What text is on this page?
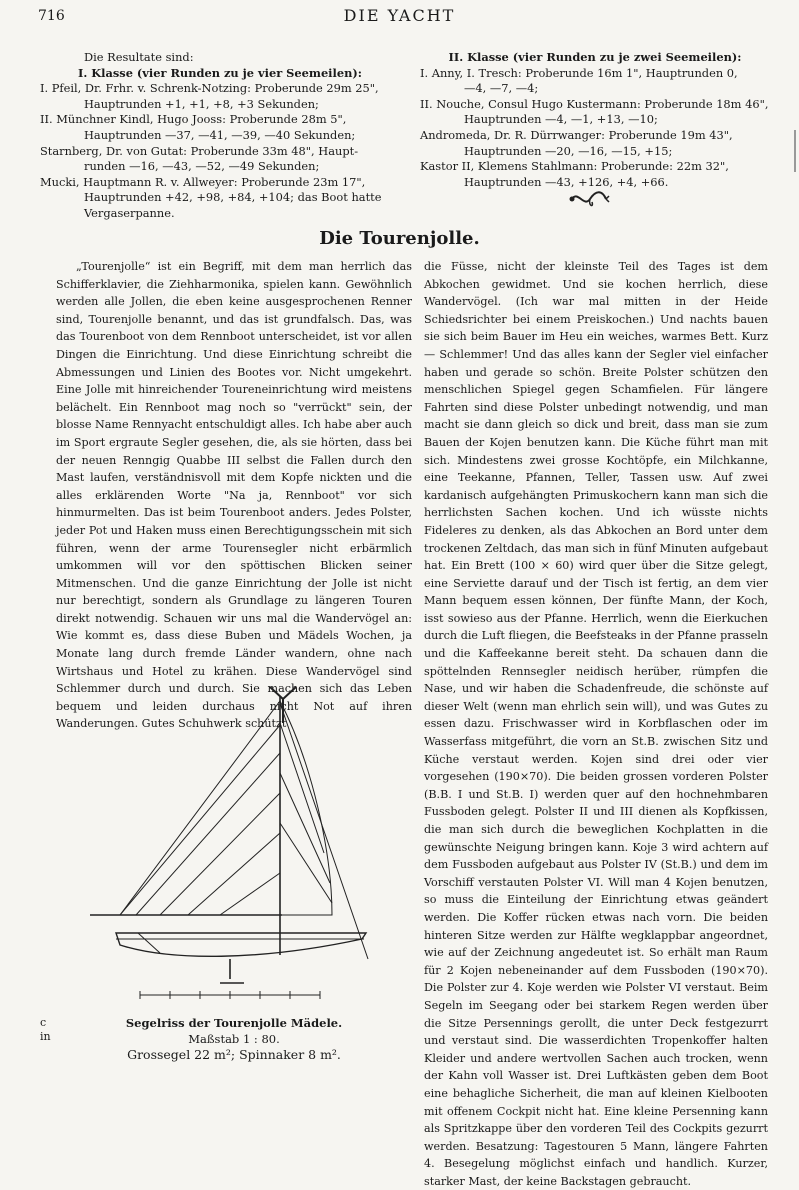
716	DIE YACHT
Die Resultate sind:
I. Klasse (vier Runden zu je vier Seemeilen):
I. Pfeil, Dr. Frhr. v. Schrenk-Notzing: Proberunde 29m 25",
Hauptrunden +1, +1, +8, +3 Sekunden;
II. Münchner Kindl, Hugo Jooss: Proberunde 28m 5",
Hauptrunden —37, —41, —39, —40 Sekunden;
Starnberg, Dr. von Gutat: Proberunde 33m 48", Haupt-
runden —16, —43, —52, —49 Sekunden;
Mucki, Hauptmann R. v. Allweyer: Proberunde 23m 17",
Hauptrunden +42, +98, +84, +104; das Boot hatte
Vergaserpanne.
II. Klasse (vier Runden zu je zwei Seemeilen):
I. Anny, I. Tresch: Proberunde 16m 1", Hauptrunden 0,
—4, —7, —4;
II. Nouche, Consul Hugo Kustermann: Proberunde 18m 46",
Hauptrunden —4, —1, +13, —10;
Andromeda, Dr. R. Dürrwanger: Proberunde 19m 43",
Hauptrunden —20, —16, —15, +15;
Kastor II, Klemens Stahlmann: Proberunde: 22m 32",
Hauptrunden —43, +126, +4, +66.
Die Tourenjolle.

„Tourenjolle“ ist ein Begriff, mit dem man herrlich das Schifferklavier, die Ziehharmonika, spielen kann. Gewöhnlich werden alle Jollen, die eben keine ausgesprochenen Renner sind, Tourenjolle benannt, und das ist grundfalsch. Das, was das Tourenboot von dem Rennboot unterscheidet, ist vor allen Dingen die Einrichtung. Und diese Einrichtung schreibt die Abmessungen und Linien des Bootes vor. Nicht umgekehrt. Eine Jolle mit hinreichender Toureneinrichtung wird meistens belächelt. Ein Rennboot mag noch so "verrückt" sein, der blosse Name Rennyacht entschuldigt alles. Ich habe aber auch im Sport ergraute Segler gesehen, die, als sie hörten, dass bei der neuen Renngig Quabbe III selbst die Fallen durch den Mast laufen, verständnisvoll mit dem Kopfe nickten und die alles erklärenden Worte "Na ja, Rennboot" vor sich hinmurmelten. Das ist beim Tourenboot anders. Jedes Polster, jeder Pot und Haken muss einen Berechtigungsschein mit sich führen, wenn der arme Tourensegler nicht erbärmlich umkommen will vor den spöttischen Blicken seiner Mitmenschen. Und die ganze Einrichtung der Jolle ist nicht nur berechtigt, sondern als Grundlage zu längeren Touren direkt notwendig. Schauen wir uns mal die Wandervögel an: Wie kommt es, dass diese Buben und Mädels Wochen, ja Monate lang durch fremde Länder wandern, ohne nach Wirtshaus und Hotel zu krähen. Diese Wandervögel sind Schlemmer durch und durch. Sie machen sich das Leben bequem und leiden durchaus nicht Not auf ihren Wanderungen. Gutes Schuhwerk schützt

die Füsse, nicht der kleinste Teil des Tages ist dem Abkochen gewidmet. Und sie kochen herrlich, diese Wandervögel. (Ich war mal mitten in der Heide Schiedsrichter bei einem Preiskochen.) Und nachts bauen sie sich beim Bauer im Heu ein weiches, warmes Bett. Kurz — Schlemmer! Und das alles kann der Segler viel einfacher haben und gerade so schön. Breite Polster schützen den menschlichen Spiegel gegen Schamfielen. Für längere Fahrten sind diese Polster unbedingt notwendig, und man macht sie dann gleich so dick und breit, dass man sie zum Bauen der Kojen benutzen kann. Die Küche führt man mit sich. Mindestens zwei grosse Kochtöpfe, ein Milchkanne, eine Teekanne, Pfannen, Teller, Tassen usw. Auf zwei kardanisch aufgehängten Primuskochern kann man sich die herrlichsten Sachen kochen. Und ich wüsste nichts Fideleres zu denken, als das Abkochen an Bord unter dem trockenen Zeltdach, das man sich in fünf Minuten aufgebaut hat. Ein Brett (100 × 60) wird quer über die Sitze gelegt, eine Serviette darauf und der Tisch ist fertig, an dem vier Mann bequem essen können, Der fünfte Mann, der Koch, isst sowieso aus der Pfanne. Herrlich, wenn die Eierkuchen durch die Luft fliegen, die Beefsteaks in der Pfanne prasseln und die Kaffeekanne bereit steht. Da schauen dann die spöttelnden Rennsegler neidisch herüber, rümpfen die Nase, und wir haben die Schadenfreude, die schönste auf dieser Welt (wenn man ehrlich sein will), und was Gutes zu essen dazu. Frischwasser wird in Korbflaschen oder im Wasserfass mitgeführt, die vorn an St.B. zwischen Sitz und Küche verstaut werden. Kojen sind drei oder vier vorgesehen (190×70). Die beiden grossen vorderen Polster (B.B. I und St.B. I) werden quer auf den hochnehmbaren Fussboden gelegt. Polster II und III dienen als Kopfkissen, die man sich durch die beweglichen Kochplatten in die gewünschte Neigung bringen kann. Koje 3 wird achtern auf dem Fussboden aufgebaut aus Polster IV (St.B.) und dem im Vorschiff verstauten Polster VI. Will man 4 Kojen benutzen, so muss die Einteilung der Einrichtung etwas geändert werden. Die Koffer rücken etwas nach vorn. Die beiden hinteren Sitze werden zur Hälfte wegklappbar angeordnet, wie auf der Zeichnung angedeutet ist. So erhält man Raum für 2 Kojen nebeneinander auf dem Fussboden (190×70). Die Polster zur 4. Koje werden wie Polster VI verstaut. Beim Segeln im Seegang oder bei starkem Regen werden über die Sitze Persennings gerollt, die unter Deck festgezurrt und verstaut sind. Die wasserdichten Tropenkoffer halten Kleider und andere wertvollen Sachen auch trocken, wenn der Kahn voll Wasser ist. Drei Luftkästen geben dem Boot eine behagliche Sicherheit, die man auf kleinen Kielbooten mit offenem Cockpit nicht hat. Eine kleine Persenning kann als Spritzkappe über den vorderen Teil des Cockpits gezurrt werden. Besatzung: Tagestouren 5 Mann, längere Fahrten 4. Besegelung möglichst einfach und handlich. Kurzer, starker Mast, der keine Backstagen gebraucht.

Segelriss der Tourenjolle Mädele.
Maßstab 1 : 80.
Grossegel 22 m²; Spinnaker 8 m².
c
in
